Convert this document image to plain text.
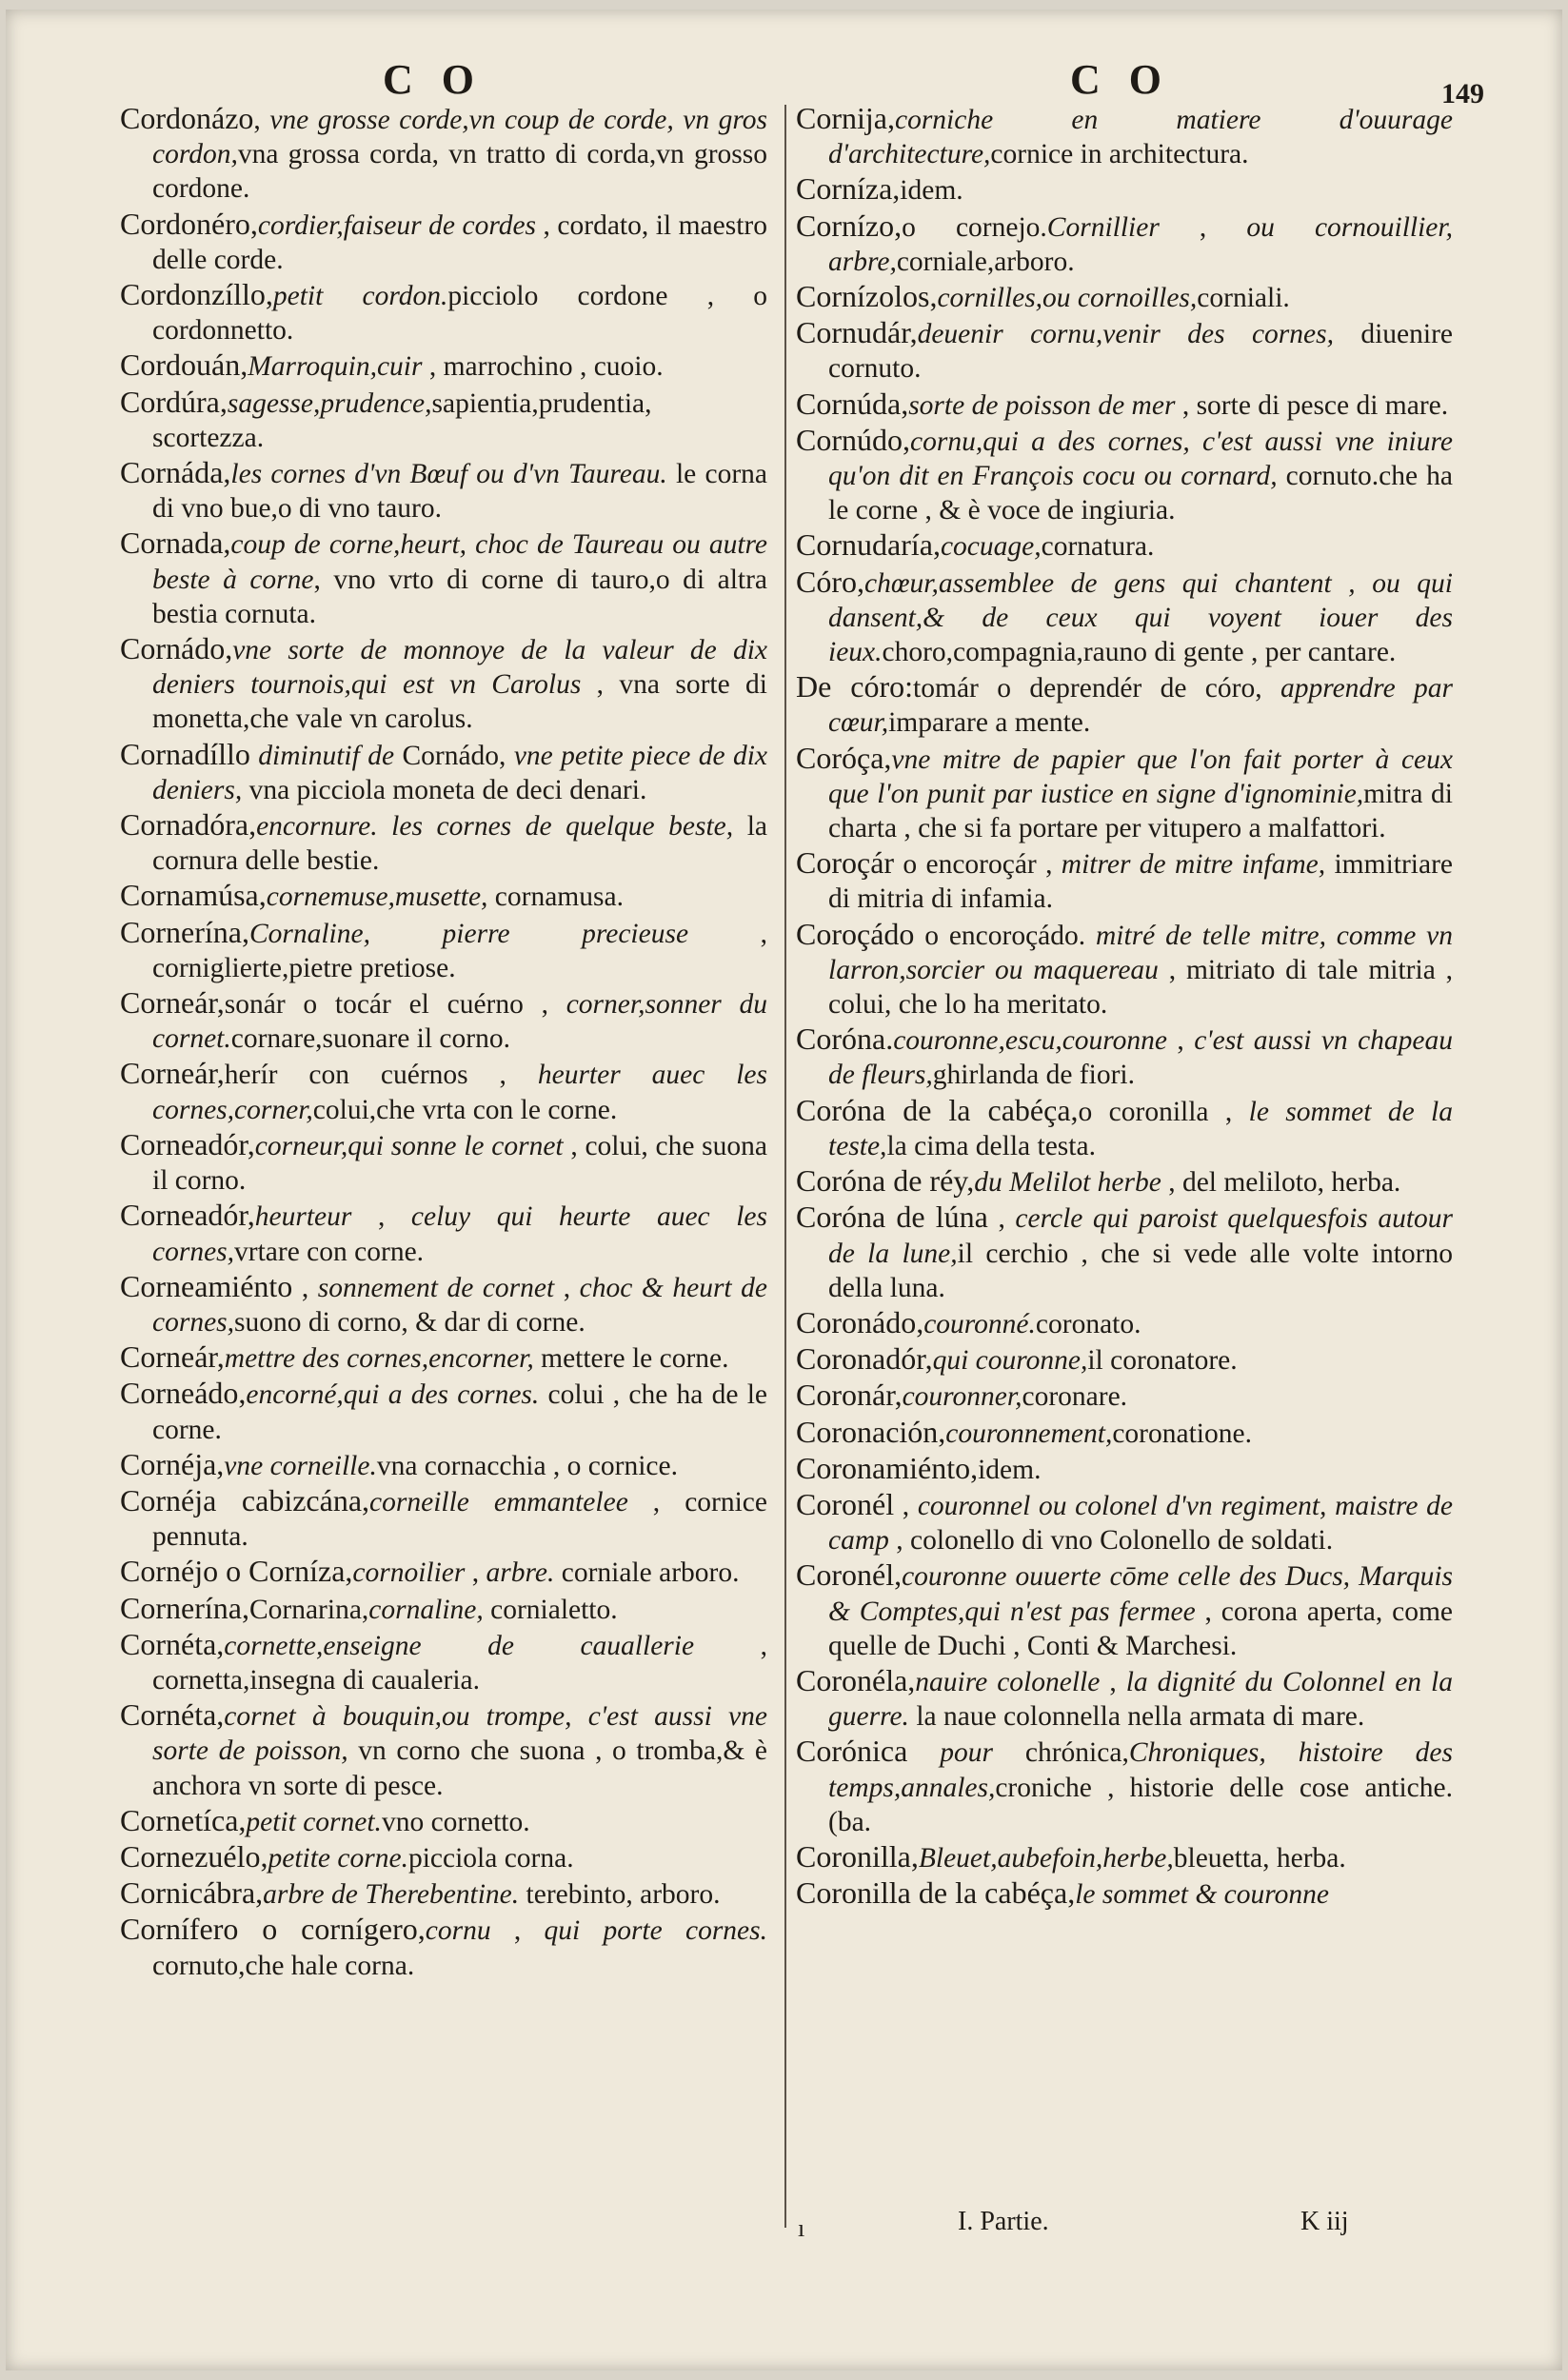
CO	CO	149

Cordonázo, vne grosse corde,vn coup de corde, vn gros cordon,vna grossa corda, vn tratto di corda,vn grosso cordone.

Cordonéro,cordier,faiseur de cordes , cordato, il maestro delle corde.

Cordonzíllo,petit cordon.picciolo cordone , o cordonnetto.

Cordouán,Marroquin,cuir , marrochino , cuoio.

Cordúra,sagesse,prudence,sapientia,prudentia, scortezza.

Cornáda,les cornes d'vn Bœuf ou d'vn Taureau. le corna di vno bue,o di vno tauro.

Cornada,coup de corne,heurt, choc de Taureau ou autre beste à corne, vno vrto di corne di tauro,o di altra bestia cornuta.

Cornádo,vne sorte de monnoye de la valeur de dix deniers tournois,qui est vn Carolus , vna sorte di monetta,che vale vn carolus.

Cornadíllo diminutif de Cornádo, vne petite piece de dix deniers, vna picciola moneta de deci denari.

Cornadóra,encornure. les cornes de quelque beste, la cornura delle bestie.

Cornamúsa,cornemuse,musette, cornamusa.

Cornerína,Cornaline, pierre precieuse , corniglierte,pietre pretiose.

Corneár,sonár o tocár el cuérno , corner,sonner du cornet.cornare,suonare il corno.

Corneár,herír con cuérnos , heurter auec les cornes,corner,colui,che vrta con le corne.

Corneadór,corneur,qui sonne le cornet , colui, che suona il corno.

Corneadór,heurteur , celuy qui heurte auec les cornes,vrtare con corne.

Corneamiénto , sonnement de cornet , choc & heurt de cornes,suono di corno, & dar di corne.

Corneár,mettre des cornes,encorner, mettere le corne.

Corneádo,encorné,qui a des cornes. colui , che ha de le corne.

Cornéja,vne corneille.vna cornacchia , o cornice.

Cornéja cabizcána,corneille emmantelee , cornice pennuta.

Cornéjo o Corníza,cornoilier , arbre. corniale arboro.

Cornerína,Cornarina,cornaline, cornialetto.

Cornéta,cornette,enseigne de cauallerie , cornetta,insegna di caualeria.

Cornéta,cornet à bouquin,ou trompe, c'est aussi vne sorte de poisson, vn corno che suona , o tromba,& è anchora vn sorte di pesce.

Cornetíca,petit cornet.vno cornetto.

Cornezuélo,petite corne.picciola corna.

Cornicábra,arbre de Therebentine. terebinto, arboro.

Cornífero o cornígero,cornu , qui porte cornes. cornuto,che hale corna.

Cornija,corniche en matiere d'ouurage d'architecture,cornice in architectura.

Corníza,idem.

Cornízo,o cornejo.Cornillier , ou cornouillier, arbre,corniale,arboro.

Cornízolos,cornilles,ou cornoilles,corniali.

Cornudár,deuenir cornu,venir des cornes, diuenire cornuto.

Cornúda,sorte de poisson de mer , sorte di pesce di mare.

Cornúdo,cornu,qui a des cornes, c'est aussi vne iniure qu'on dit en François cocu ou cornard, cornuto.che ha le corne , & è voce de ingiuria.

Cornudaría,cocuage,cornatura.

Córo,chœur,assemblee de gens qui chantent , ou qui dansent,& de ceux qui voyent iouer des ieux.choro,compagnia,rauno di gente , per cantare.

De córo:tomár o deprendér de córo, apprendre par cœur,imparare a mente.

Coróça,vne mitre de papier que l'on fait porter à ceux que l'on punit par iustice en signe d'ignominie,mitra di charta , che si fa portare per vitupero a malfattori.

Coroçár o encoroçár , mitrer de mitre infame, immitriare di mitria di infamia.

Coroçádo o encoroçádo. mitré de telle mitre, comme vn larron,sorcier ou maquereau , mitriato di tale mitria , colui, che lo ha meritato.

Coróna.couronne,escu,couronne , c'est aussi vn chapeau de fleurs,ghirlanda de fiori.

Coróna de la cabéça,o coronilla , le sommet de la teste,la cima della testa.

Coróna de réy,du Melilot herbe , del meliloto, herba.

Coróna de lúna , cercle qui paroist quelquesfois autour de la lune,il cerchio , che si vede alle volte intorno della luna.

Coronádo,couronné.coronato.

Coronadór,qui couronne,il coronatore.

Coronár,couronner,coronare.

Coronación,couronnement,coronatione.

Coronamiénto,idem.

Coronél , couronnel ou colonel d'vn regiment, maistre de camp , colonello di vno Colonello de soldati.

Coronél,couronne ouuerte cōme celle des Ducs, Marquis & Comptes,qui n'est pas fermee , corona aperta, come quelle de Duchi , Conti & Marchesi.

Coronéla,nauire colonelle , la dignité du Colonnel en la guerre. la naue colonnella nella armata di mare.

Corónica pour chrónica,Chroniques, histoire des temps,annales,croniche , historie delle cose antiche. (ba.

Coronilla,Bleuet,aubefoin,herbe,bleuetta, herba.

Coronilla de la cabéça,le sommet & couronne

ı	I. Partie.	K iij
